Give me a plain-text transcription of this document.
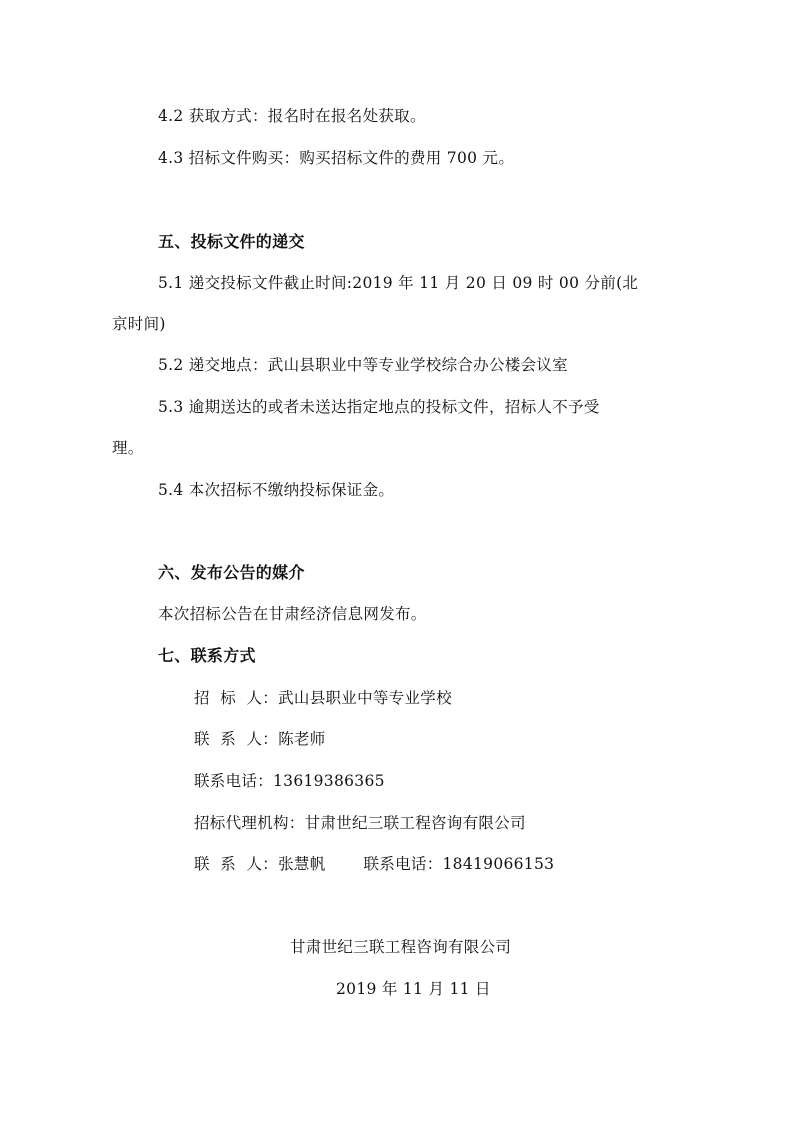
4.2 获取方式：报名时在报名处获取。
4.3 招标文件购买：购买招标文件的费用 700 元。
五、投标文件的递交
5.1 递交投标文件截止时间:2019 年 11 月 20 日 09 时 00 分前(北
京时间)
5.2 递交地点：武山县职业中等专业学校综合办公楼会议室
5.3 逾期送达的或者未送达指定地点的投标文件，招标人不予受
理。
5.4 本次招标不缴纳投标保证金。
六、发布公告的媒介
本次招标公告在甘肃经济信息网发布。
七、联系方式
招  标  人：武山县职业中等专业学校
联  系  人：陈老师
联系电话：13619386365
招标代理机构：甘肃世纪三联工程咨询有限公司
联  系  人：张慧帆 联系电话：18419066153
甘肃世纪三联工程咨询有限公司
2019 年 11 月 11 日
